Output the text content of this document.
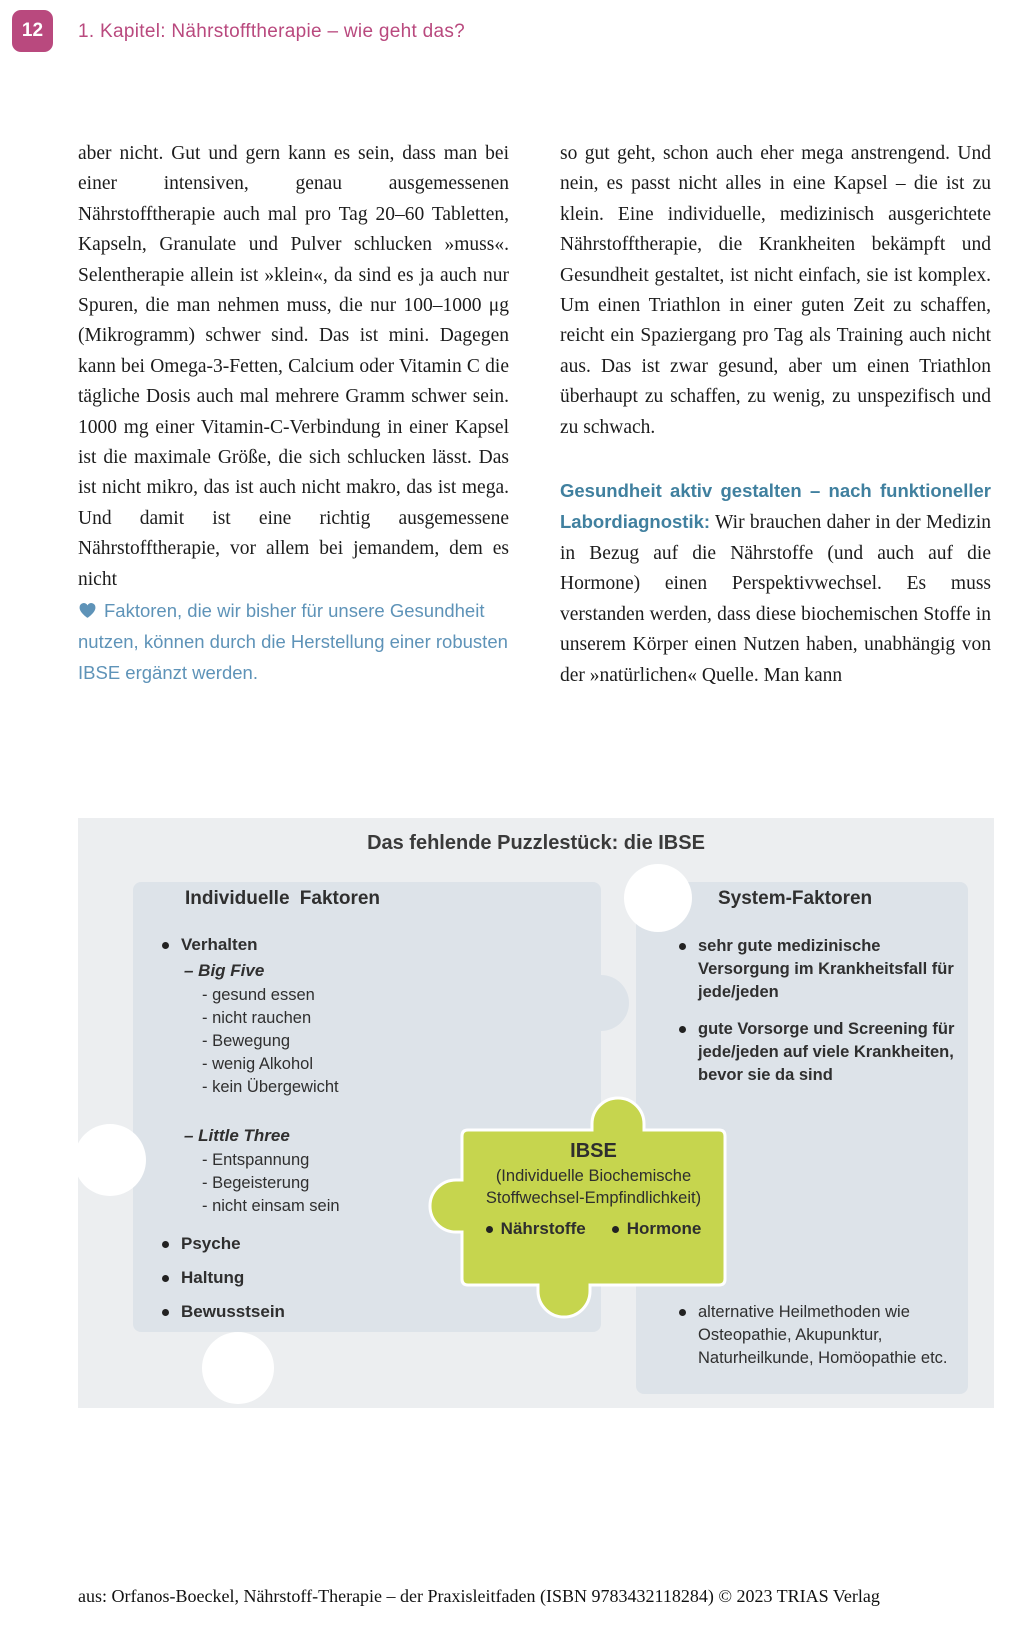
12 1. Kapitel: Nährstofftherapie – wie geht das?

aber nicht. Gut und gern kann es sein, dass man bei einer intensiven, genau ausgemessenen Nährstofftherapie auch mal pro Tag 20–60 Tabletten, Kapseln, Granulate und Pulver schlucken »muss«. Selentherapie allein ist »klein«, da sind es ja auch nur Spuren, die man nehmen muss, die nur 100–1000 μg (Mikrogramm) schwer sind. Das ist mini. Dagegen kann bei Omega-3-Fetten, Calcium oder Vitamin C die tägliche Dosis auch mal mehrere Gramm schwer sein. 1000 mg einer Vitamin-C-Verbindung in einer Kapsel ist die maximale Größe, die sich schlucken lässt. Das ist nicht mikro, das ist auch nicht makro, das ist mega. Und damit ist eine richtig ausgemessene Nährstofftherapie, vor allem bei jemandem, dem es nicht

Faktoren, die wir bisher für unsere Gesundheit nutzen, können durch die Herstellung einer robusten IBSE ergänzt werden.

so gut geht, schon auch eher mega anstrengend. Und nein, es passt nicht alles in eine Kapsel – die ist zu klein. Eine individuelle, medizinisch ausgerichtete Nährstofftherapie, die Krankheiten bekämpft und Gesundheit gestaltet, ist nicht einfach, sie ist komplex. Um einen Triathlon in einer guten Zeit zu schaffen, reicht ein Spaziergang pro Tag als Training auch nicht aus. Das ist zwar gesund, aber um einen Triathlon überhaupt zu schaffen, zu wenig, zu unspezifisch und zu schwach.

Gesundheit aktiv gestalten – nach funktioneller Labordiagnostik: Wir brauchen daher in der Medizin in Bezug auf die Nährstoffe (und auch auf die Hormone) einen Perspektivwechsel. Es muss verstanden werden, dass diese biochemischen Stoffe in unserem Körper einen Nutzen haben, unabhängig von der »natürlichen« Quelle. Man kann

Das fehlende Puzzlestück: die IBSE
Individuelle Faktoren	System-Faktoren
Verhalten
– Big Five
- gesund essen
- nicht rauchen
- Bewegung
- wenig Alkohol
- kein Übergewicht
– Little Three
- Entspannung
- Begeisterung
- nicht einsam sein
Psyche
Haltung
Bewusstsein
sehr gute medizinische Versorgung im Krankheitsfall für jede/jeden
gute Vorsorge und Screening für jede/jeden auf viele Krankheiten, bevor sie da sind
alternative Heilmethoden wie Osteopathie, Akupunktur, Naturheilkunde, Homöopathie etc.
IBSE
(Individuelle Biochemische Stoffwechsel-Empfindlichkeit)
Nährstoffe	Hormone
aus: Orfanos-Boeckel, Nährstoff-Therapie – der Praxisleitfaden (ISBN 9783432118284) © 2023 TRIAS Verlag
